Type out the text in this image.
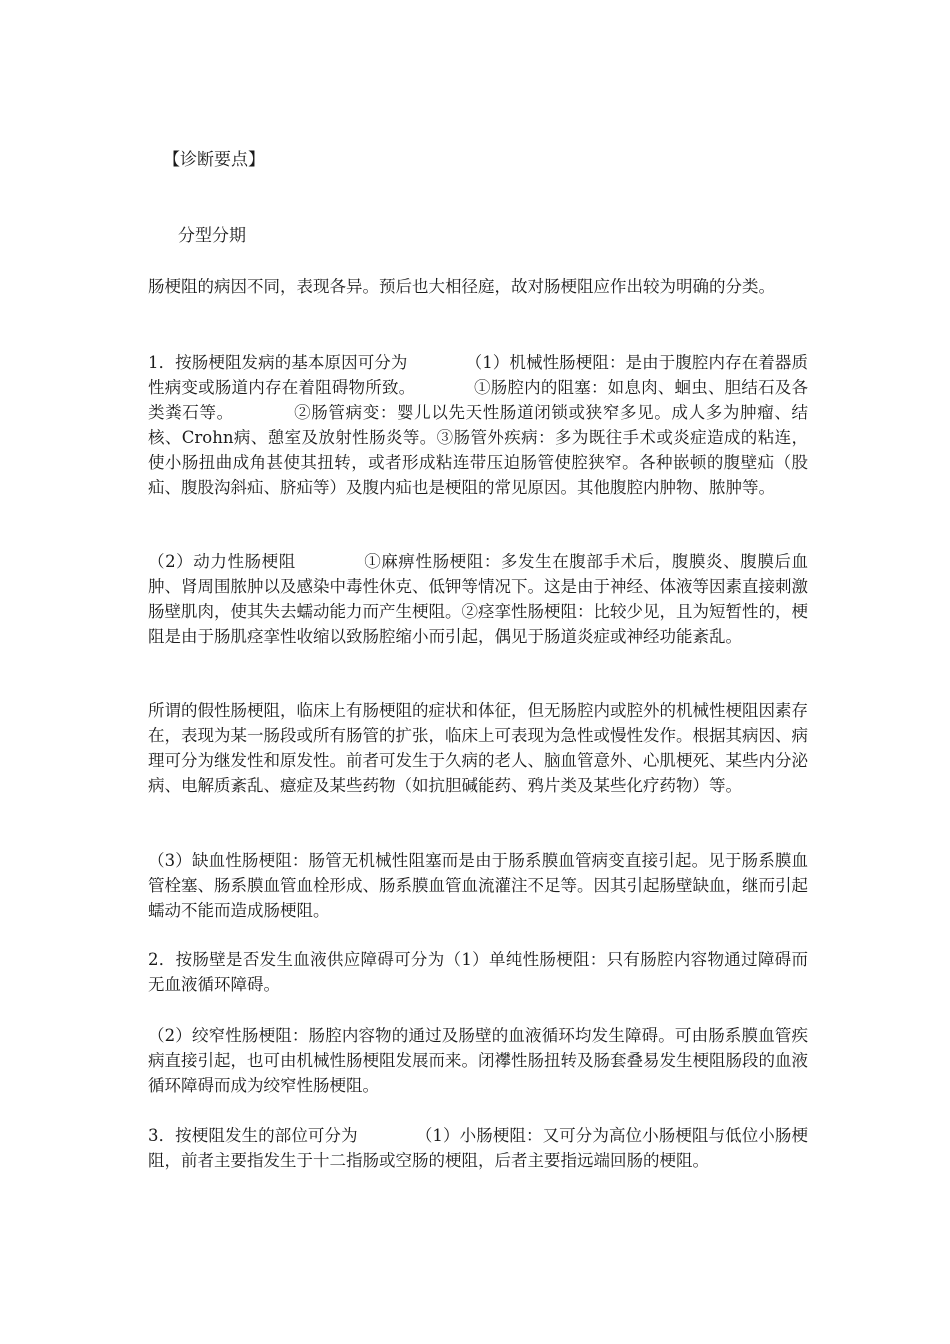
【诊断要点】
分型分期

肠梗阻的病因不同，表现各异。预后也大相径庭，故对肠梗阻应作出较为明确的分类。

1．按肠梗阻发病的基本原因可分为　　　　（1）机械性肠梗阻：是由于腹腔内存在着器质性病变或肠道内存在着阻碍物所致。　　　　①肠腔内的阻塞：如息肉、蛔虫、胆结石及各类粪石等。　　　　②肠管病变：婴儿以先天性肠道闭锁或狭窄多见。成人多为肿瘤、结核、Crohn病、憩室及放射性肠炎等。③肠管外疾病：多为既往手术或炎症造成的粘连，使小肠扭曲成角甚使其扭转，或者形成粘连带压迫肠管使腔狭窄。各种嵌顿的腹壁疝（股疝、腹股沟斜疝、脐疝等）及腹内疝也是梗阻的常见原因。其他腹腔内肿物、脓肿等。

（2）动力性肠梗阻　　　　①麻痹性肠梗阻：多发生在腹部手术后，腹膜炎、腹膜后血肿、肾周围脓肿以及感染中毒性休克、低钾等情况下。这是由于神经、体液等因素直接刺激肠壁肌肉，使其失去蠕动能力而产生梗阻。②痉挛性肠梗阻：比较少见，且为短暂性的，梗阻是由于肠肌痉挛性收缩以致肠腔缩小而引起，偶见于肠道炎症或神经功能紊乱。

所谓的假性肠梗阻，临床上有肠梗阻的症状和体征，但无肠腔内或腔外的机械性梗阻因素存在，表现为某一肠段或所有肠管的扩张，临床上可表现为急性或慢性发作。根据其病因、病理可分为继发性和原发性。前者可发生于久病的老人、脑血管意外、心肌梗死、某些内分泌病、电解质紊乱、癔症及某些药物（如抗胆碱能药、鸦片类及某些化疗药物）等。

（3）缺血性肠梗阻：肠管无机械性阻塞而是由于肠系膜血管病变直接引起。见于肠系膜血管栓塞、肠系膜血管血栓形成、肠系膜血管血流灌注不足等。因其引起肠壁缺血，继而引起蠕动不能而造成肠梗阻。

2．按肠壁是否发生血液供应障碍可分为（1）单纯性肠梗阻：只有肠腔内容物通过障碍而无血液循环障碍。

（2）绞窄性肠梗阻：肠腔内容物的通过及肠壁的血液循环均发生障碍。可由肠系膜血管疾病直接引起，也可由机械性肠梗阻发展而来。闭襻性肠扭转及肠套叠易发生梗阻肠段的血液循环障碍而成为绞窄性肠梗阻。

3．按梗阻发生的部位可分为　　　　（1）小肠梗阻：又可分为高位小肠梗阻与低位小肠梗阻，前者主要指发生于十二指肠或空肠的梗阻，后者主要指远端回肠的梗阻。
